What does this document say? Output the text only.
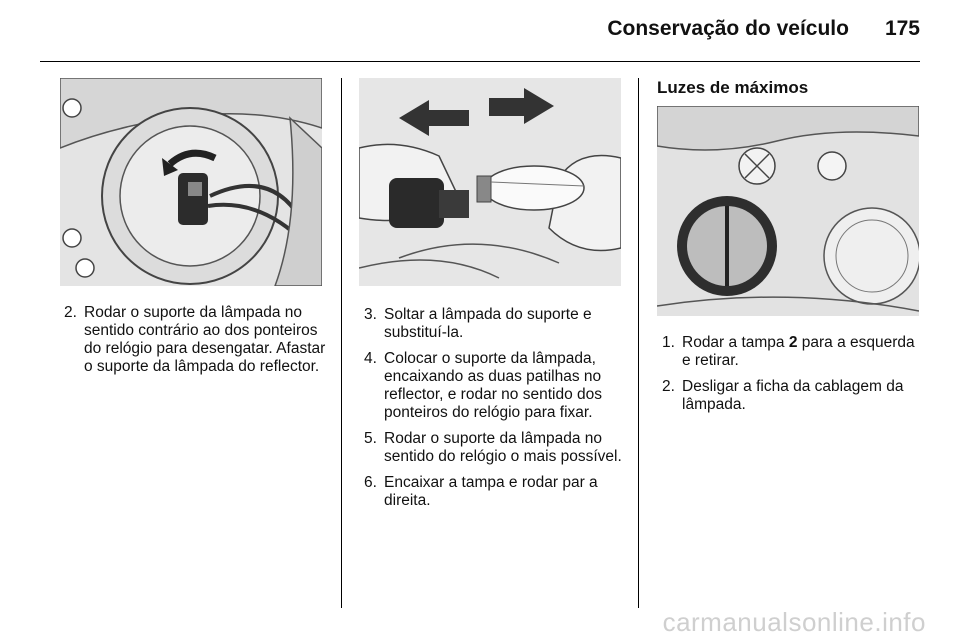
Conservação do veículo 175
2. Rodar o suporte da lâmpada no sentido contrário ao dos ponteiros do relógio para desengatar. Afastar o suporte da lâmpada do reflector.
3. Soltar a lâmpada do suporte e substituí-la.
4. Colocar o suporte da lâmpada, encaixando as duas patilhas no reflector, e rodar no sentido dos ponteiros do relógio para fixar.
5. Rodar o suporte da lâmpada no sentido do relógio o mais possível.
6. Encaixar a tampa e rodar par a direita.
Luzes de máximos
1. Rodar a tampa 2 para a esquerda e retirar.
2. Desligar a ficha da cablagem da lâmpada.
carmanualsonline.info
